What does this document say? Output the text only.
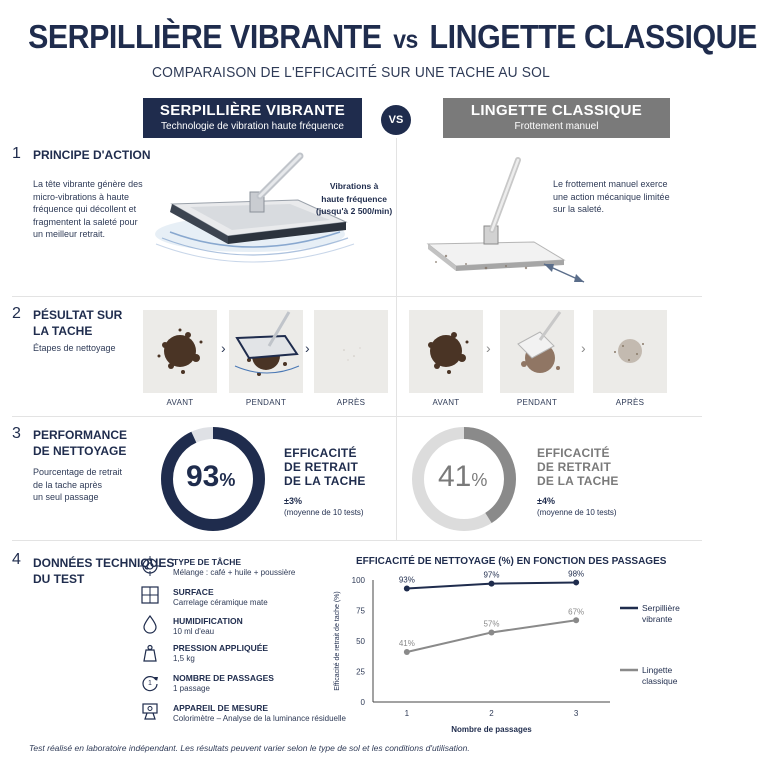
SERPILLIÈRE VIBRANTE vs LINGETTE CLASSIQUE
COMPARAISON DE L'EFFICACITÉ SUR UNE TACHE AU SOL
SERPILLIÈRE VIBRANTE
Technologie de vibration haute fréquence
VS
LINGETTE CLASSIQUE
Frottement manuel
1 PRINCIPE D'ACTION
La tête vibrante génère des
micro-vibrations à haute
fréquence qui décollent et
fragmentent la saleté pour
un meilleur retrait.
Vibrations à
haute fréquence
(jusqu'à 2 500/min)
Le frottement manuel exerce
une action mécanique limitée
sur la saleté.
2 PÉSULTAT SUR
LA TACHE
Étapes de nettoyage	›	›
AVANT	PENDANT	APRÈS
›	›
AVANT	PENDANT	APRÈS
3 PERFORMANCE
DE NETTOYAGE
Pourcentage de retrait
de la tache après
un seul passage
93%
EFFICACITÉ
DE RETRAIT
DE LA TACHE
±3%
(moyenne de 10 tests)
41%
EFFICACITÉ
DE RETRAIT
DE LA TACHE
±4%
(moyenne de 10 tests)
4 DONNÉES TECHNIQUES
DU TEST
TYPE DE TÂCHE
Mélange : café + huile + poussière
SURFACE
Carrelage céramique mate
HUMIDIFICATION
10 ml d'eau
PRESSION APPLIQUÉE
1,5 kg
1
NOMBRE DE PASSAGES
1 passage
APPAREIL DE MESURE
Colorimètre – Analyse de la luminance résiduelle
EFFICACITÉ DE NETTOYAGE (%) EN FONCTION DES PASSAGES
0
25
50
75
100
1	2	3
Nombre de passages
Efficacité de retrait de tache (%)
93%
97%	98%
Serpillière
vibrante
41%
57%
67%
Lingette
classique
Test réalisé en laboratoire indépendant. Les résultats peuvent varier selon le type de sol et les conditions d'utilisation.
